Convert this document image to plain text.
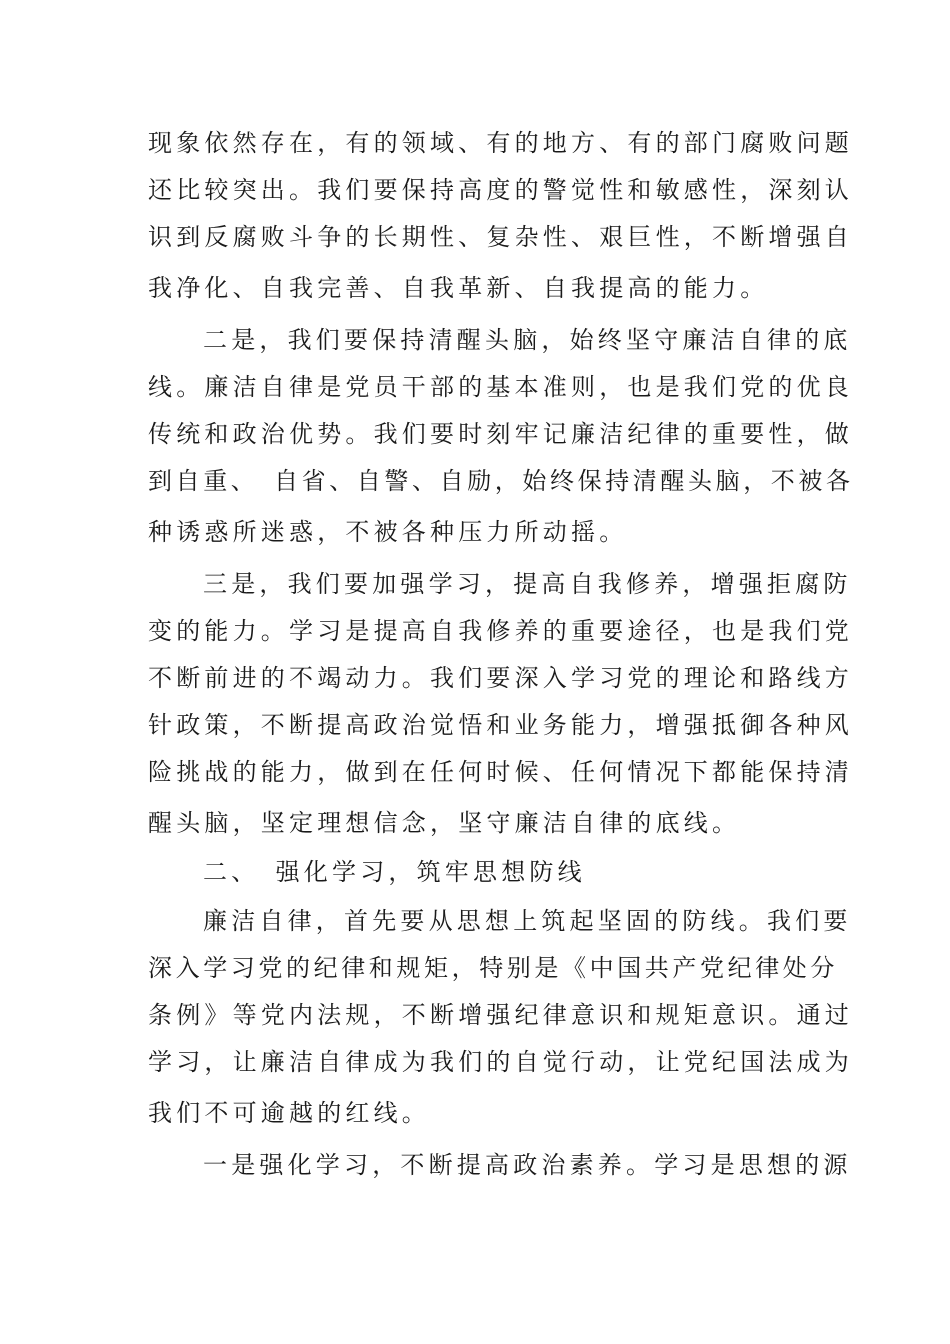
现象依然存在，有的领域、有的地方、有的部门腐败问题
还比较突出。我们要保持高度的警觉性和敏感性，深刻认
识到反腐败斗争的长期性、复杂性、艰巨性，不断增强自
我净化、自我完善、自我革新、自我提高的能力。
二是，我们要保持清醒头脑，始终坚守廉洁自律的底
线。廉洁自律是党员干部的基本准则，也是我们党的优良
传统和政治优势。我们要时刻牢记廉洁纪律的重要性，做
到自重、　自省、自警、自励，始终保持清醒头脑，不被各
种诱惑所迷惑，不被各种压力所动摇。
三是，我们要加强学习，提高自我修养，增强拒腐防
变的能力。学习是提高自我修养的重要途径，也是我们党
不断前进的不竭动力。我们要深入学习党的理论和路线方
针政策，不断提高政治觉悟和业务能力，增强抵御各种风
险挑战的能力，做到在任何时候、任何情况下都能保持清
醒头脑，坚定理想信念，坚守廉洁自律的底线。
二、　强化学习，筑牢思想防线
廉洁自律，首先要从思想上筑起坚固的防线。我们要
深入学习党的纪律和规矩，特别是《中国共产党纪律处分
条例》等党内法规，不断增强纪律意识和规矩意识。通过
学习，让廉洁自律成为我们的自觉行动，让党纪国法成为
我们不可逾越的红线。
一是强化学习，不断提高政治素养。学习是思想的源
